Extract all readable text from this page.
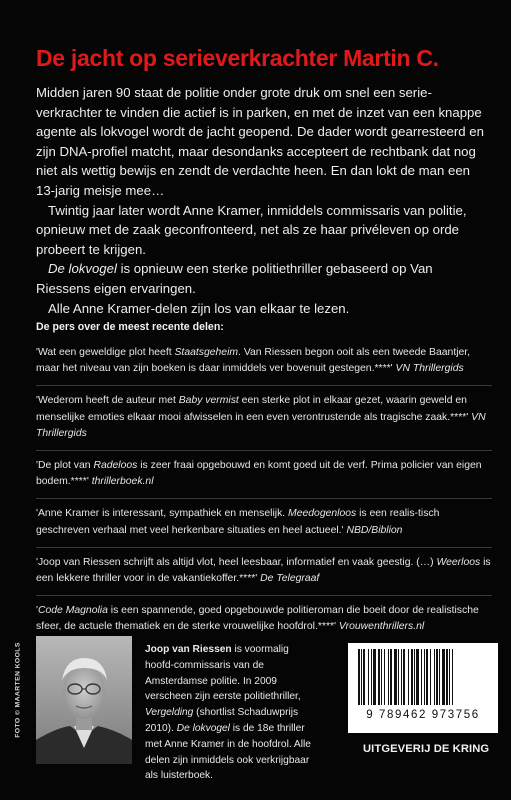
De jacht op serieverkrachter Martin C.

Midden jaren 90 staat de politie onder grote druk om snel een serie-verkrachter te vinden die actief is in parken, en met de inzet van een knappe agente als lokvogel wordt de jacht geopend. De dader wordt gearresteerd en zijn DNA-profiel matcht, maar desondanks accepteert de rechtbank dat nog niet als wettig bewijs en zendt de verdachte heen. En dan lokt de man een 13-jarig meisje mee…

Twintig jaar later wordt Anne Kramer, inmiddels commissaris van politie, opnieuw met de zaak geconfronteerd, net als ze haar privéleven op orde probeert te krijgen.

De lokvogel is opnieuw een sterke politiethriller gebaseerd op Van Riessens eigen ervaringen.

Alle Anne Kramer-delen zijn los van elkaar te lezen.

De pers over de meest recente delen:

'Wat een geweldige plot heeft Staatsgeheim. Van Riessen begon ooit als een tweede Baantjer, maar het niveau van zijn boeken is daar inmiddels ver bovenuit gestegen.****' VN Thrillergids

'Wederom heeft de auteur met Baby vermist een sterke plot in elkaar gezet, waarin geweld en menselijke emoties elkaar mooi afwisselen in een even verontrustende als tragische zaak.****' VN Thrillergids

'De plot van Radeloos is zeer fraai opgebouwd en komt goed uit de verf. Prima policier van eigen bodem.****' thrillerboek.nl

'Anne Kramer is interessant, sympathiek en menselijk. Meedogenloos is een realis-tisch geschreven verhaal met veel herkenbare situaties en heel actueel.' NBD/Biblion

'Joop van Riessen schrijft als altijd vlot, heel leesbaar, informatief en vaak geestig. (…) Weerloos is een lekkere thriller voor in de vakantiekoffer.****' De Telegraaf

'Code Magnolia is een spannende, goed opgebouwde politieroman die boeit door de realistische sfeer, de actuele thematiek en de sterke vrouwelijke hoofdrol.****' Vrouwenthrillers.nl

FOTO © MAARTEN KOOLS	Joop van Riessen is voormalig hoofd-commissaris van de Amsterdamse politie. In 2009 verscheen zijn eerste politiethriller, Vergelding (shortlist Schaduwprijs 2010). De lokvogel is de 18e thriller met Anne Kramer in de hoofdrol. Alle delen zijn inmiddels ook verkrijgbaar als luisterboek.

9 789462 973756
UITGEVERIJ DE KRING
